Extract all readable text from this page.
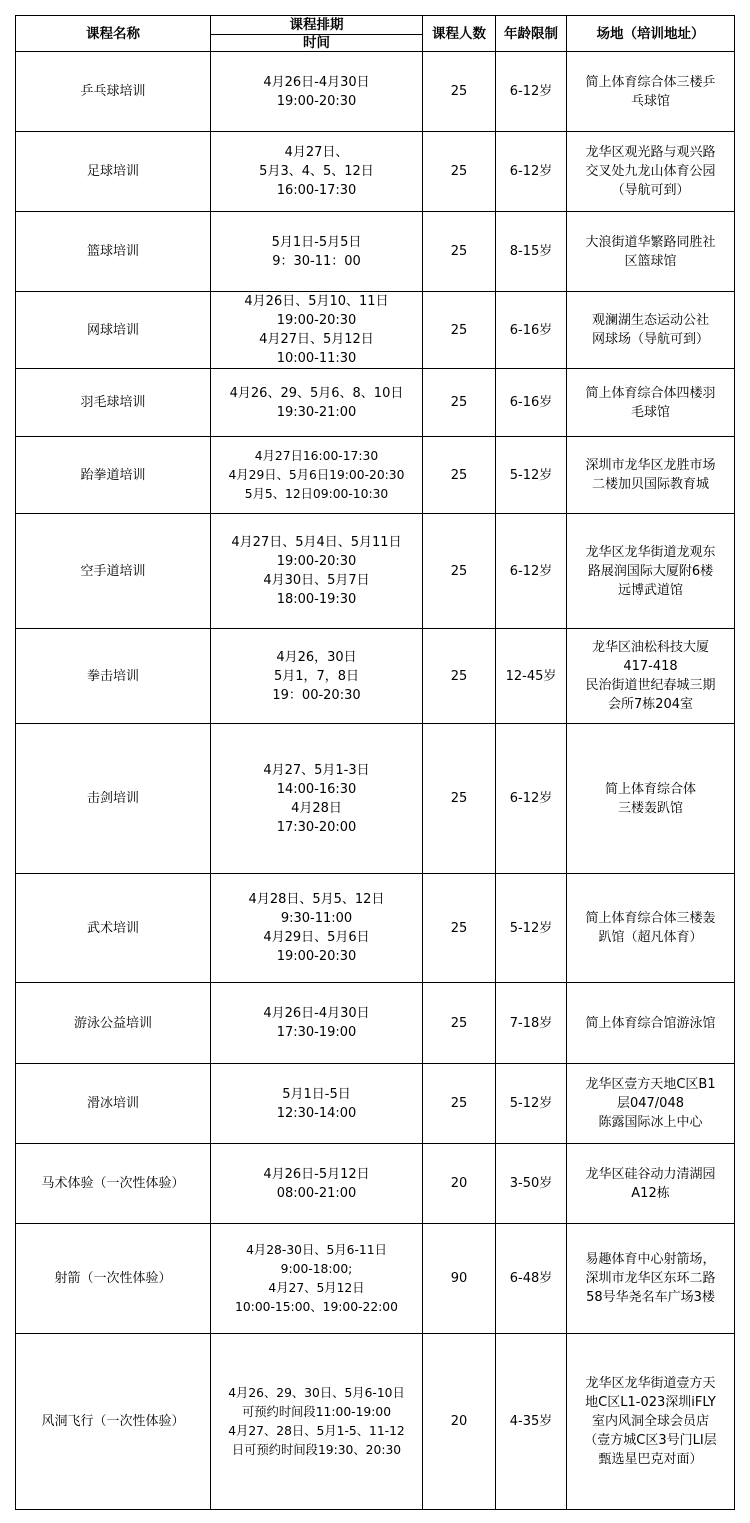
课程名称	课程排期	课程人数	年龄限制	场地（培训地址）
	时间			
乒乓球培训	4月26日-4月30日
19:00-20:30	25	6-12岁	简上体育综合体三楼乒
乓球馆

足球培训	4月27日、
5月3、4、5、12日
16:00-17:30	25	6-12岁	龙华区观光路与观兴路
交叉处九龙山体育公园
（导航可到）

篮球培训	5月1日-5月5日
9：30-11：00	25	8-15岁	大浪街道华繁路同胜社
区篮球馆

网球培训	4月26日、5月10、11日
19:00-20:30
4月27日、5月12日
10:00-11:30	25	6-16岁	观澜湖生态运动公社
网球场（导航可到）

羽毛球培训	4月26、29、5月6、8、10日
19:30-21:00	25	6-16岁	简上体育综合体四楼羽
毛球馆

跆拳道培训	4月27日16:00-17:30
4月29日、5月6日19:00-20:30
5月5、12日09:00-10:30	25	5-12岁	深圳市龙华区龙胜市场
二楼加贝国际教育城

空手道培训	4月27日、5月4日、5月11日
19:00-20:30
4月30日、5月7日
18:00-19:30	25	6-12岁	龙华区龙华街道龙观东
路展润国际大厦附6楼
远博武道馆

拳击培训	4月26，30日
5月1，7，8日
19：00-20:30	25	12-45岁	龙华区油松科技大厦
417-418
民治街道世纪春城三期
会所7栋204室

击剑培训	4月27、5月1-3日
14:00-16:30
4月28日
17:30-20:00	25	6-12岁	简上体育综合体
三楼轰趴馆

武术培训	4月28日、5月5、12日
9:30-11:00
4月29日、5月6日
19:00-20:30	25	5-12岁	简上体育综合体三楼轰
趴馆（超凡体育）

游泳公益培训	4月26日-4月30日
17:30-19:00	25	7-18岁	简上体育综合馆游泳馆

滑冰培训	5月1日-5日
12:30-14:00	25	5-12岁	龙华区壹方天地C区B1
层047/048
陈露国际冰上中心

马术体验（一次性体验）	4月26日-5月12日
08:00-21:00	20	3-50岁	龙华区硅谷动力清湖园
A12栋

射箭（一次性体验）	4月28-30日、5月6-11日
9:00-18:00;
4月27、5月12日
10:00-15:00、19:00-22:00	90	6-48岁	易趣体育中心射箭场，
深圳市龙华区东环二路
58号华尧名车广场3楼

风洞飞行（一次性体验）	4月26、29、30日、5月6-10日
可预约时间段11:00-19:00
4月27、28日、5月1-5、11-12
日可预约时间段19:30、20:30	20	4-35岁	龙华区龙华街道壹方天
地C区L1-023深圳iFLY
室内风洞全球会员店
（壹方城C区3号门LI层
甄选星巴克对面）
